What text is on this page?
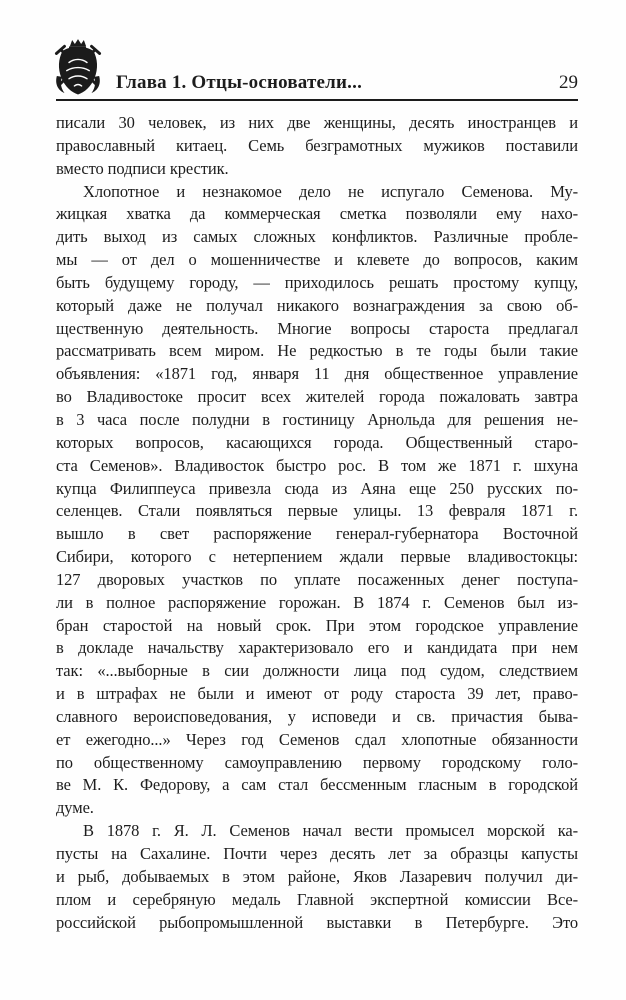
Глава 1. Отцы-основатели...	29
писали 30 человек, из них две женщины, десять иностранцев и
православный китаец. Семь безграмотных мужиков поставили
вместо подписи крестик.
Хлопотное и незнакомое дело не испугало Семенова. Му-
жицкая хватка да коммерческая сметка позволяли ему нахо-
дить выход из самых сложных конфликтов. Различные пробле-
мы — от дел о мошенничестве и клевете до вопросов, каким
быть будущему городу, — приходилось решать простому купцу,
который даже не получал никакого вознаграждения за свою об-
щественную деятельность. Многие вопросы староста предлагал
рассматривать всем миром. Не редкостью в те годы были такие
объявления: «1871 год, января 11 дня общественное управление
во Владивостоке просит всех жителей города пожаловать завтра
в 3 часа после полудни в гостиницу Арнольда для решения не-
которых вопросов, касающихся города. Общественный старо-
ста Семенов». Владивосток быстро рос. В том же 1871 г. шхуна
купца Филиппеуса привезла сюда из Аяна еще 250 русских по-
селенцев. Стали появляться первые улицы. 13 февраля 1871 г.
вышло в свет распоряжение генерал-губернатора Восточной
Сибири, которого с нетерпением ждали первые владивостокцы:
127 дворовых участков по уплате посаженных денег поступа-
ли в полное распоряжение горожан. В 1874 г. Семенов был из-
бран старостой на новый срок. При этом городское управление
в докладе начальству характеризовало его и кандидата при нем
так: «...выборные в сии должности лица под судом, следствием
и в штрафах не были и имеют от роду староста 39 лет, право-
славного вероисповедования, у исповеди и св. причастия быва-
ет ежегодно...» Через год Семенов сдал хлопотные обязанности
по общественному самоуправлению первому городскому голо-
ве М. К. Федорову, а сам стал бессменным гласным в городской
думе.
В 1878 г. Я. Л. Семенов начал вести промысел морской ка-
пусты на Сахалине. Почти через десять лет за образцы капусты
и рыб, добываемых в этом районе, Яков Лазаревич получил ди-
плом и серебряную медаль Главной экспертной комиссии Все-
российской рыбопромышленной выставки в Петербурге. Это
